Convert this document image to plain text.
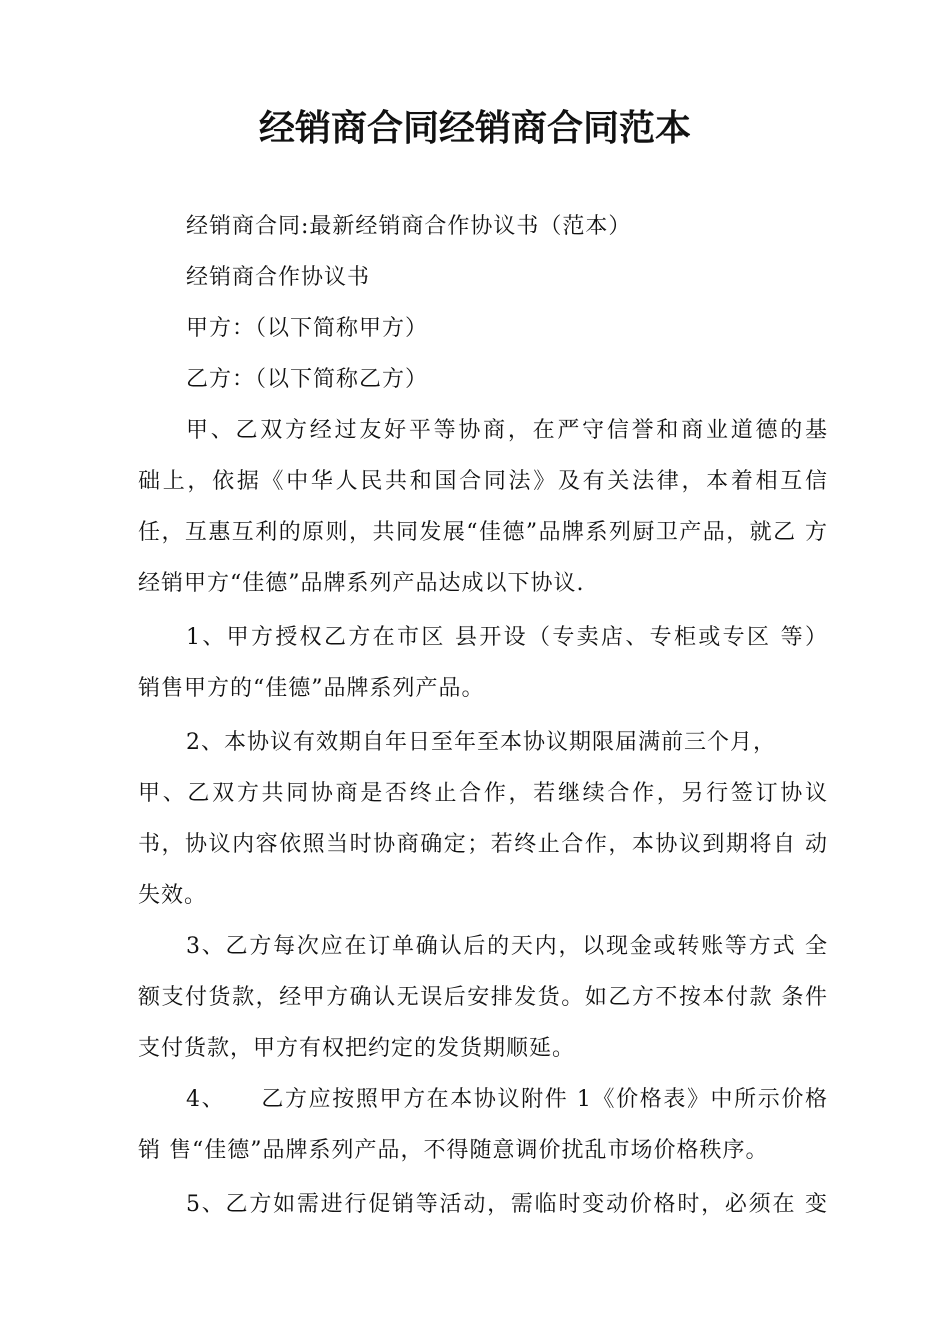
经销商合同经销商合同范本

经销商合同:最新经销商合作协议书（范本）

经销商合作协议书

甲方：（以下简称甲方）

乙方：（以下简称乙方）

甲、乙双方经过友好平等协商，在严守信誉和商业道德的基

础上，依据《中华人民共和国合同法》及有关法律，本着相互信

任，互惠互利的原则，共同发展“佳德”品牌系列厨卫产品，就乙 方

经销甲方“佳德”品牌系列产品达成以下协议.

1、甲方授权乙方在市区 县开设（专卖店、专柜或专区 等）

销售甲方的“佳德”品牌系列产品。

2、本协议有效期自年日至年至本协议期限届满前三个月，

甲、乙双方共同协商是否终止合作，若继续合作，另行签订协议

书，协议内容依照当时协商确定；若终止合作，本协议到期将自 动

失效。

3、乙方每次应在订单确认后的天内，以现金或转账等方式 全

额支付货款，经甲方确认无误后安排发货。如乙方不按本付款 条件

支付货款，甲方有权把约定的发货期顺延。

4、　　乙方应按照甲方在本协议附件 1《价格表》中所示价格

销 售“佳德”品牌系列产品，不得随意调价扰乱市场价格秩序。

5、乙方如需进行促销等活动，需临时变动价格时，必须在 变
